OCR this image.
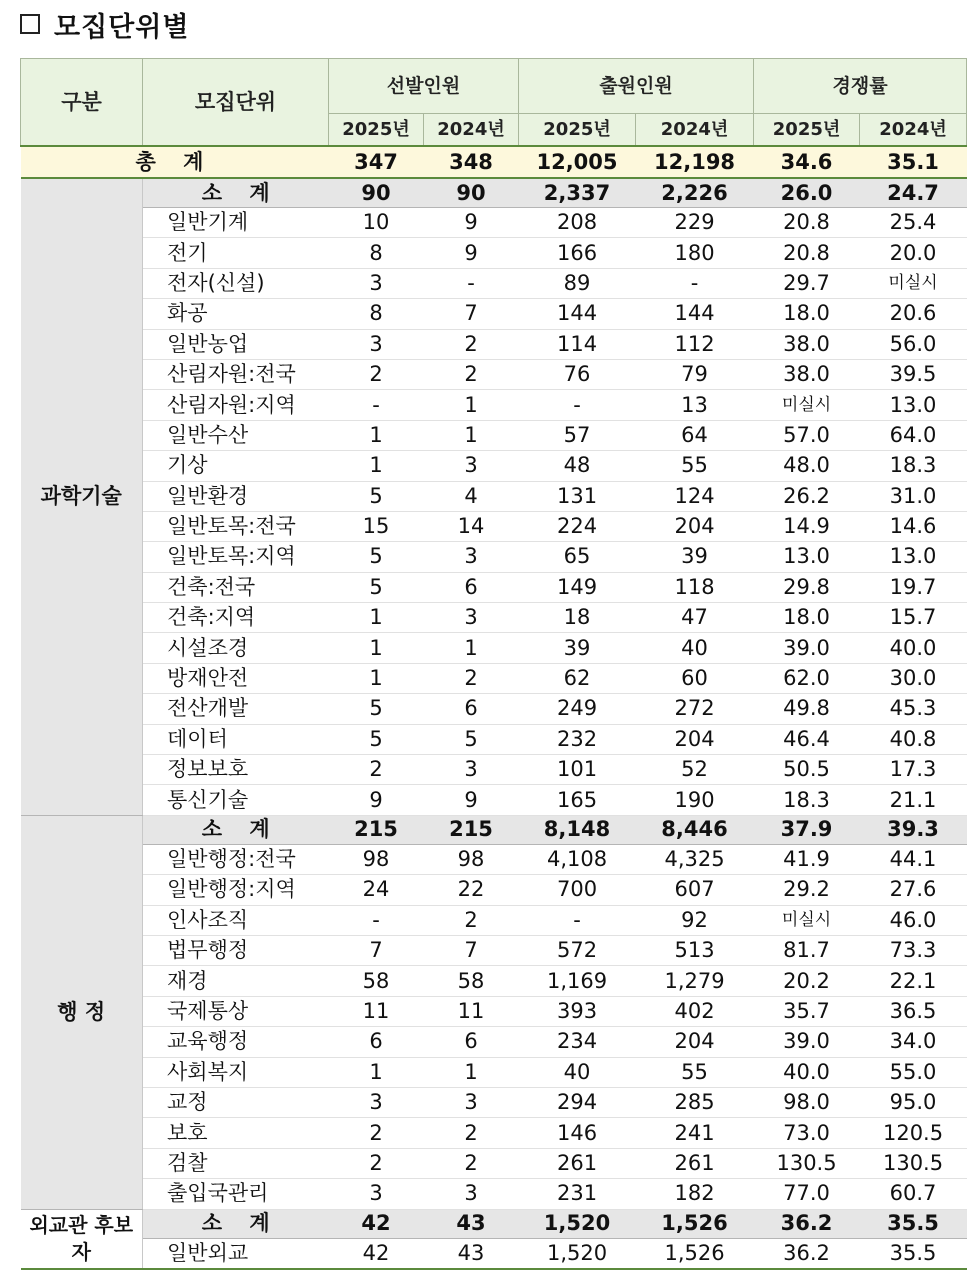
모집단위별
구분	모집단위	선발인원		출원인원		경쟁률	
		2025년	2024년	2025년	2024년	2025년	2024년
총 계		347	348	12,005	12,198	34.6	35.1
과학기술	소 계	90	90	2,337	2,226	26.0	24.7
	일반기계	10	9	208	229	20.8	25.4
	전기	8	9	166	180	20.8	20.0
	전자(신설)	3	-	89	-	29.7	미실시
	화공	8	7	144	144	18.0	20.6
	일반농업	3	2	114	112	38.0	56.0
	산림자원:전국	2	2	76	79	38.0	39.5
	산림자원:지역	-	1	-	13	미실시	13.0
	일반수산	1	1	57	64	57.0	64.0
	기상	1	3	48	55	48.0	18.3
	일반환경	5	4	131	124	26.2	31.0
	일반토목:전국	15	14	224	204	14.9	14.6
	일반토목:지역	5	3	65	39	13.0	13.0
	건축:전국	5	6	149	118	29.8	19.7
	건축:지역	1	3	18	47	18.0	15.7
	시설조경	1	1	39	40	39.0	40.0
	방재안전	1	2	62	60	62.0	30.0
	전산개발	5	6	249	272	49.8	45.3
	데이터	5	5	232	204	46.4	40.8
	정보보호	2	3	101	52	50.5	17.3
	통신기술	9	9	165	190	18.3	21.1
행 정	소 계	215	215	8,148	8,446	37.9	39.3
	일반행정:전국	98	98	4,108	4,325	41.9	44.1
	일반행정:지역	24	22	700	607	29.2	27.6
	인사조직	-	2	-	92	미실시	46.0
	법무행정	7	7	572	513	81.7	73.3
	재경	58	58	1,169	1,279	20.2	22.1
	국제통상	11	11	393	402	35.7	36.5
	교육행정	6	6	234	204	39.0	34.0
	사회복지	1	1	40	55	40.0	55.0
	교정	3	3	294	285	98.0	95.0
	보호	2	2	146	241	73.0	120.5
	검찰	2	2	261	261	130.5	130.5
	출입국관리	3	3	231	182	77.0	60.7
외교관 후보자	소 계	42	43	1,520	1,526	36.2	35.5
	일반외교	42	43	1,520	1,526	36.2	35.5
